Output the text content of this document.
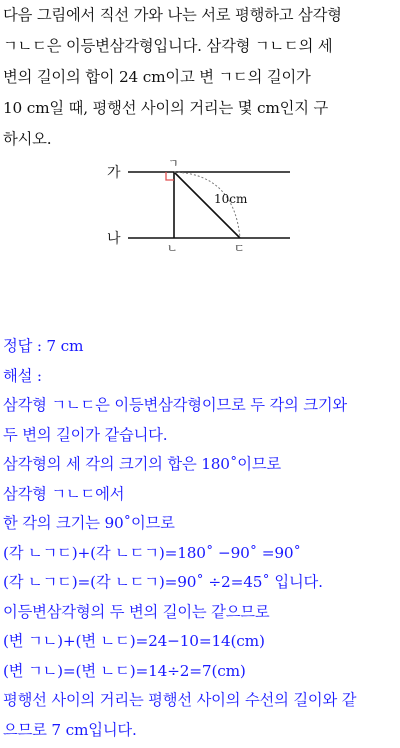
다음 그림에서 직선 가와 나는 서로 평행하고 삼각형
ㄱㄴㄷ은 이등변삼각형입니다. 삼각형 ㄱㄴㄷ의 세
변의 길이의 합이 24 cm이고 변 ㄱㄷ의 길이가
10 cm일 때, 평행선 사이의 거리는 몇 cm인지 구
하시오.
가
나
ㄱ
ㄴ	ㄷ
10cm
정답 : 7 cm
해설 :
삼각형 ㄱㄴㄷ은 이등변삼각형이므로 두 각의 크기와
두 변의 길이가 같습니다.
삼각형의 세 각의 크기의 합은 180˚이므로
삼각형 ㄱㄴㄷ에서
한 각의 크기는 90˚이므로
(각 ㄴㄱㄷ)+(각 ㄴㄷㄱ)=180˚ −90˚ =90˚
(각 ㄴㄱㄷ)=(각 ㄴㄷㄱ)=90˚ ÷2=45˚ 입니다.
이등변삼각형의 두 변의 길이는 같으므로
(변 ㄱㄴ)+(변 ㄴㄷ)=24−10=14(cm)
(변 ㄱㄴ)=(변 ㄴㄷ)=14÷2=7(cm)
평행선 사이의 거리는 평행선 사이의 수선의 길이와 같
으므로 7 cm입니다.
